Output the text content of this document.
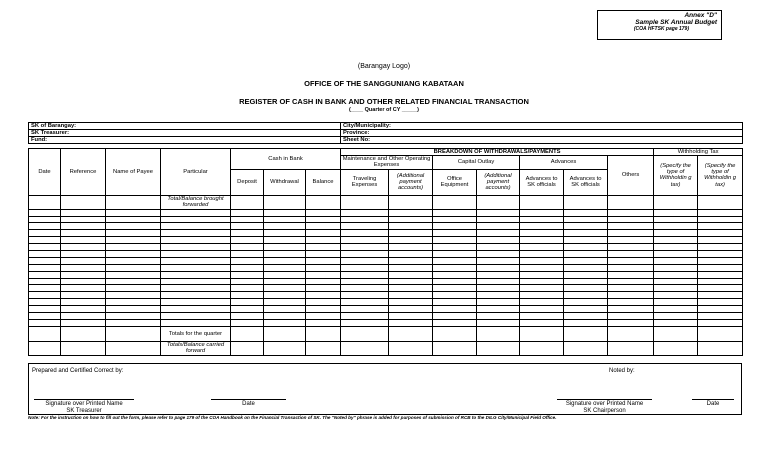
Annex "D"
Sample SK Annual Budget
(COA HFTSK page 179)
(Barangay Logo)
OFFICE OF THE SANGGUNIANG KABATAAN
REGISTER OF CASH IN BANK AND OTHER RELATED FINANCIAL TRANSACTION
(____ Quarter of CY _____)
SK of Barangay:	City/Municipality:
SK Treasurer:	Province:
Fund:	Sheet No:
Date	Reference	Name of Payee	Particular	Cash in Bank			BREAKDOWN OF WITHDRAWALS/PAYMENTS							Withholding Tax	
							Maintenance and Other Operating Expenses		Capital Outlay		Advances		Others	(Specify the type of Withholdin g tax)	(Specify the type of Withholdin g tax)
				Deposit	Withdrawal	Balance	Traveling Expenses	(Additional payment accounts)	Office Equipment	(Additional payment accounts)	Advances to SK officials	Advances to SK officials			
			Total/Balance brought forwarded												

			Totals for the quarter												
			Totals/Balance carried forward												
Prepared and Certified Correct by:	Noted by:
Signature over Printed Name
SK Treasurer
Date	Signature over Printed Name
SK Chairperson
Date
Note: For the instruction on how to fill out the form, please refer to page 179 of the COA Handbook on the Financial Transaction of SK. The "Noted by" phrase is added for purposes of submission of RCB to the DILG City/Municipal Field Office.
